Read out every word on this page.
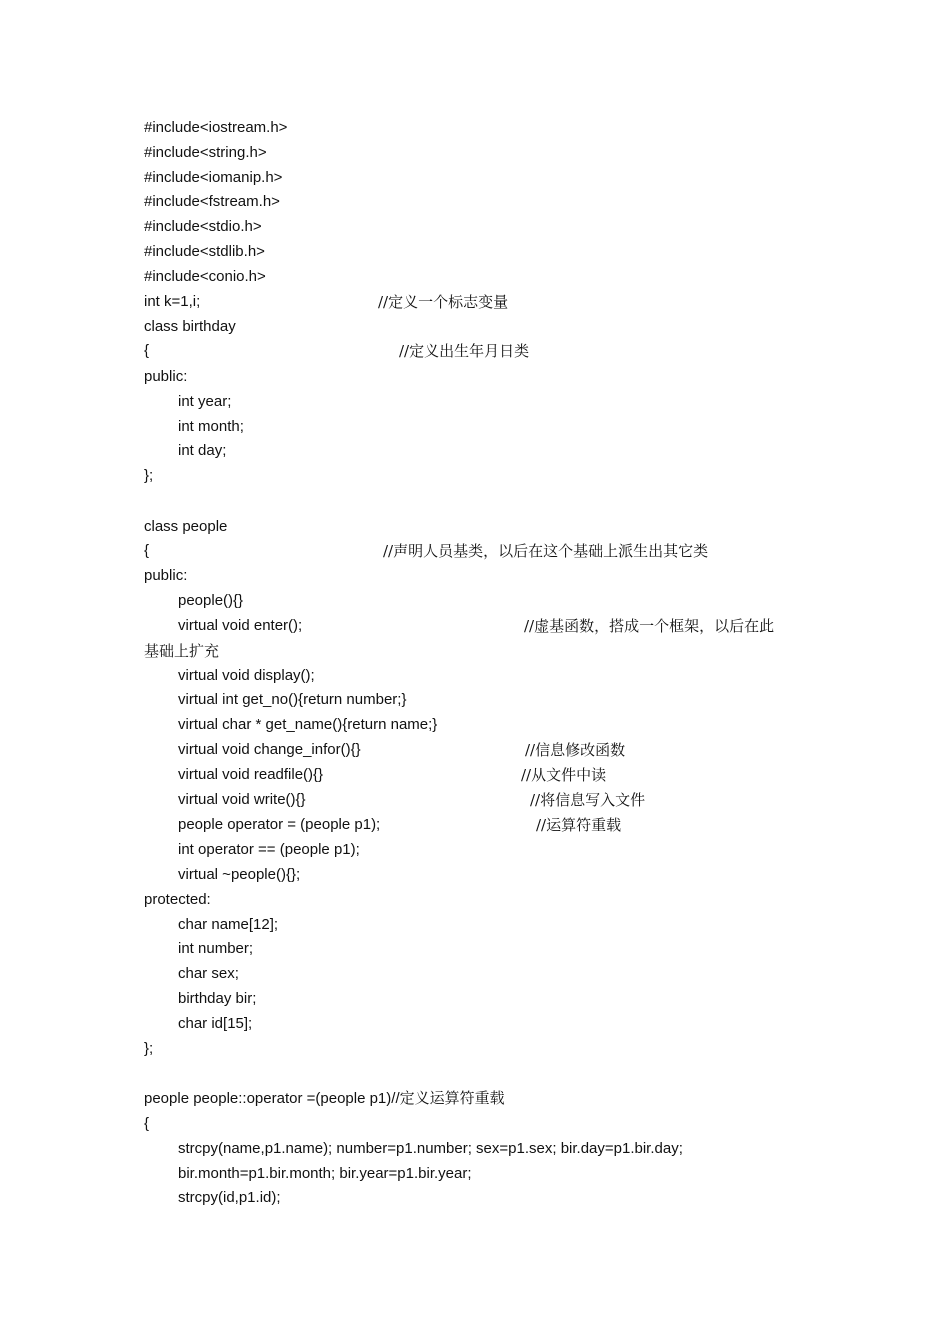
#include<iostream.h>
#include<string.h>
#include<iomanip.h>
#include<fstream.h>
#include<stdio.h>
#include<stdlib.h>
#include<conio.h>
int k=1,i;	//定义一个标志变量
class birthday
{	//定义出生年月日类
public:
int year;
int month;
int day;
};
class people
{	//声明人员基类，以后在这个基础上派生出其它类
public:
people(){}
virtual void enter();	//虚基函数，搭成一个框架，以后在此
基础上扩充
virtual void display();
virtual int get_no(){return number;}
virtual char * get_name(){return name;}
virtual void change_infor(){}	//信息修改函数
virtual void readfile(){}	//从文件中读
virtual void write(){}	//将信息写入文件
people operator = (people p1);	//运算符重载
int operator == (people p1);
virtual ~people(){};
protected:
char name[12];
int number;
char sex;
birthday bir;
char id[15];
};
people people::operator =(people p1)//定义运算符重载
{
strcpy(name,p1.name); number=p1.number; sex=p1.sex; bir.day=p1.bir.day;
bir.month=p1.bir.month; bir.year=p1.bir.year;
strcpy(id,p1.id);
